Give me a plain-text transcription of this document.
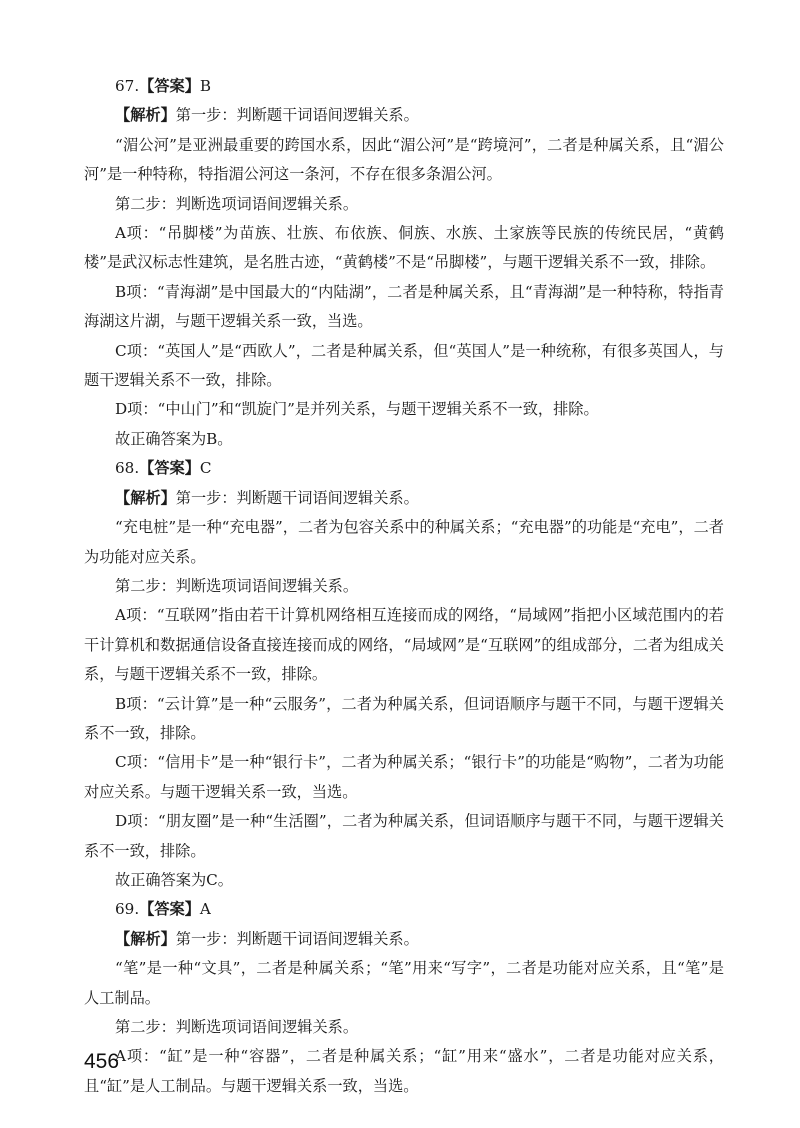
67.【答案】B

【解析】第一步：判断题干词语间逻辑关系。

“湄公河”是亚洲最重要的跨国水系，因此“湄公河”是“跨境河”，二者是种属关系，且“湄公河”是一种特称，特指湄公河这一条河，不存在很多条湄公河。

第二步：判断选项词语间逻辑关系。

A项：“吊脚楼”为苗族、壮族、布依族、侗族、水族、土家族等民族的传统民居，“黄鹤楼”是武汉标志性建筑，是名胜古迹，“黄鹤楼”不是“吊脚楼”，与题干逻辑关系不一致，排除。

B项：“青海湖”是中国最大的“内陆湖”，二者是种属关系，且“青海湖”是一种特称，特指青海湖这片湖，与题干逻辑关系一致，当选。

C项：“英国人”是“西欧人”，二者是种属关系，但“英国人”是一种统称，有很多英国人，与题干逻辑关系不一致，排除。

D项：“中山门”和“凯旋门”是并列关系，与题干逻辑关系不一致，排除。

故正确答案为B。

68.【答案】C

【解析】第一步：判断题干词语间逻辑关系。

“充电桩”是一种“充电器”，二者为包容关系中的种属关系；“充电器”的功能是“充电”，二者为功能对应关系。

第二步：判断选项词语间逻辑关系。

A项：“互联网”指由若干计算机网络相互连接而成的网络，“局域网”指把小区域范围内的若干计算机和数据通信设备直接连接而成的网络，“局域网”是“互联网”的组成部分，二者为组成关系，与题干逻辑关系不一致，排除。

B项：“云计算”是一种“云服务”，二者为种属关系，但词语顺序与题干不同，与题干逻辑关系不一致，排除。

C项：“信用卡”是一种“银行卡”，二者为种属关系；“银行卡”的功能是“购物”，二者为功能对应关系。与题干逻辑关系一致，当选。

D项：“朋友圈”是一种“生活圈”，二者为种属关系，但词语顺序与题干不同，与题干逻辑关系不一致，排除。

故正确答案为C。

69.【答案】A

【解析】第一步：判断题干词语间逻辑关系。

“笔”是一种“文具”，二者是种属关系；“笔”用来“写字”，二者是功能对应关系，且“笔”是人工制品。

第二步：判断选项词语间逻辑关系。

A项：“缸”是一种“容器”，二者是种属关系；“缸”用来“盛水”，二者是功能对应关系，且“缸”是人工制品。与题干逻辑关系一致，当选。

456
